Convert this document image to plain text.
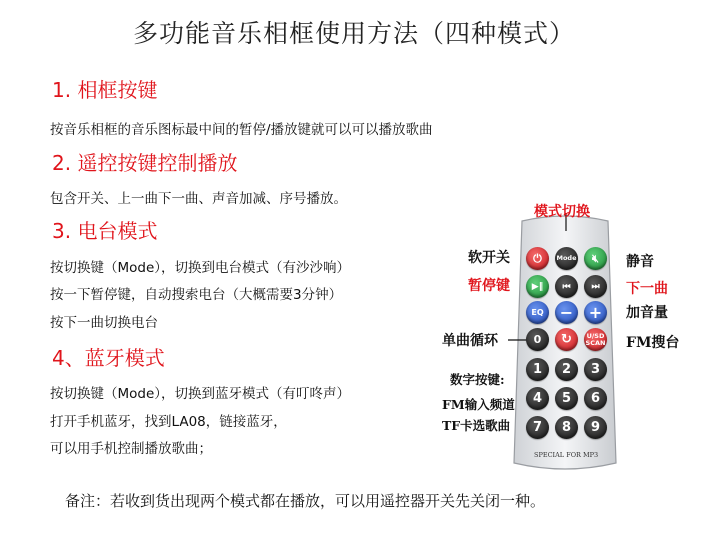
多功能音乐相框使用方法（四种模式）
1. 相框按键
按音乐相框的音乐图标最中间的暂停/播放键就可以可以播放歌曲
2. 遥控按键控制播放
包含开关、上一曲下一曲、声音加减、序号播放。
3. 电台模式
按切换键（Mode），切换到电台模式（有沙沙响）
按一下暂停键，自动搜索电台（大概需要3分钟）
按下一曲切换电台
4、蓝牙模式
按切换键（Mode），切换到蓝牙模式（有叮咚声）
打开手机蓝牙，找到LA08，链接蓝牙，
可以用手机控制播放歌曲；
备注：若收到货出现两个模式都在播放，可以用遥控器开关先关闭一种。
模式切换
软开关
暂停键
单曲循环
数字按键:
FM输入频道
TF卡选歌曲
静音
下一曲
加音量
FM搜台
⏻ Mode 🔇︎
▶‖ ⏮ ⏭
EQ − +
0 ↻ U/SD
SCAN
1 2 3
4 5 6
7 8 9
SPECIAL FOR MP3
